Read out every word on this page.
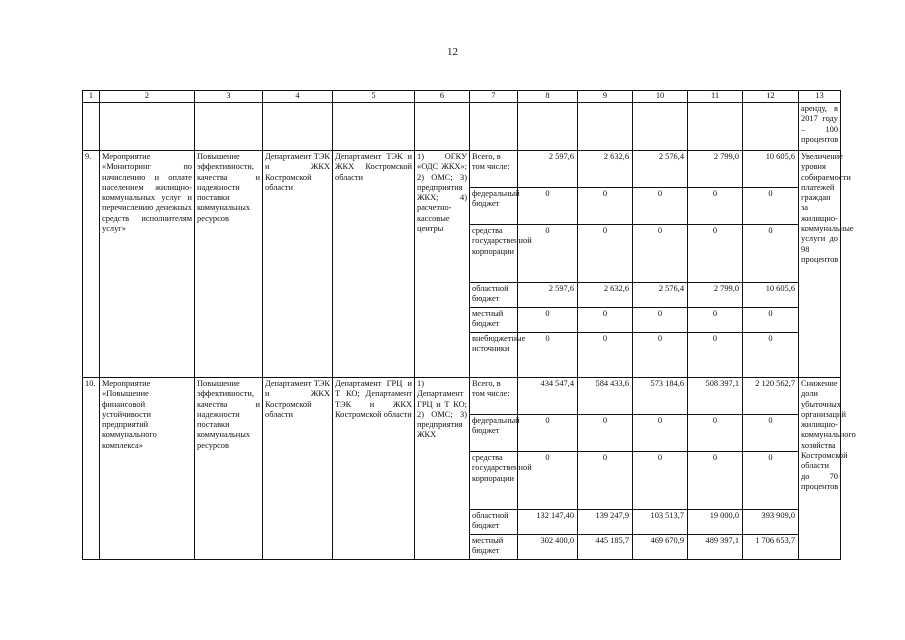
12
1	2	3	4	5	6	7	8	9	10	11	12	13
												аренду, в 2017 году – 100 процентов
9.	Мероприятие «Мониторинг по начислению и оплате населением жилищно-коммунальных услуг и перечислению денежных средств исполнителям услуг»	Повышение эффективности, качества и надежности поставки коммунальных ресурсов	Департамент ТЭК и ЖКХ Костромской области	Департамент ТЭК и ЖКХ Костромской области	1) ОГКУ «ОДС ЖКХ»; 2) ОМС; 3) предприятия ЖКХ; 4) расчетно-кассовые центры	Всего, в том числе:	2 597,6	2 632,6	2 576,4	2 799,0	10 605,6	Увеличение уровня собираемости платежей граждан за жилищно-коммунальные услуги до 98 процентов
						федеральный бюджет	0	0	0	0	0	
						средства государственной корпорации	0	0	0	0	0	
						областной бюджет	2 597,6	2 632,6	2 576,4	2 799,0	10 605,6	
						местный бюджет	0	0	0	0	0	
						внебюджетные источники	0	0	0	0	0	
10.	Мероприятие «Повышение финансовой устойчивости предприятий коммунального комплекса»	Повышение эффективности, качества и надежности поставки коммунальных ресурсов	Департамент ТЭК и ЖКХ Костромской области	Департамент ГРЦ и Т КО; Департамент ТЭК и ЖКХ Костромской области	1) Департамент ГРЦ и Т КО; 2) ОМС; 3) предприятия ЖКХ	Всего, в том числе:	434 547,4	584 433,6	573 184,6	508 397,1	2 120 562,7	Снижение доли убыточных организаций жилищно-коммунального хозяйства Костромской области до 70 процентов
						федеральный бюджет	0	0	0	0	0	
						средства государственной корпорации	0	0	0	0	0	
						областной бюджет	132 147,40	139 247,9	103 513,7	19 000,0	393 909,0	
						местный бюджет	302 400,0	445 185,7	469 670,9	489 397,1	1 706 653,7	
